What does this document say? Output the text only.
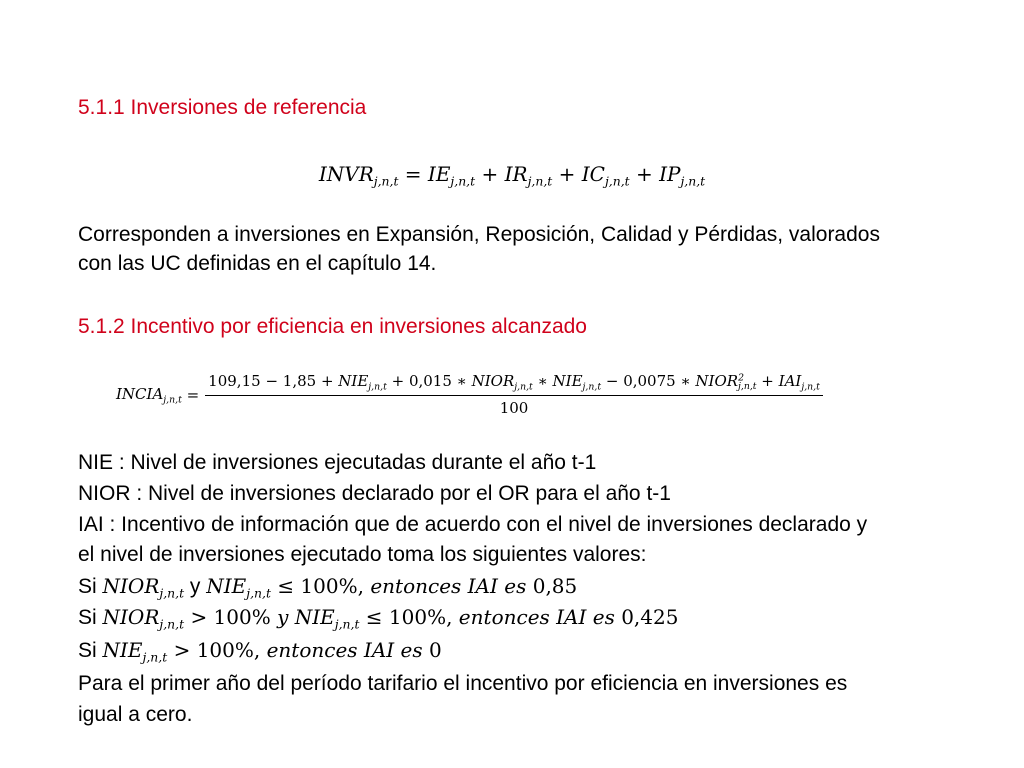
5.1.1 Inversiones de referencia
$INVR_{j,n,t} = IE_{j,n,t} + IR_{j,n,t} + IC_{j,n,t} + IP_{j,n,t}$
Corresponden a inversiones en Expansión, Reposición, Calidad y Pérdidas, valorados
con las UC definidas en el capítulo 14.
5.1.2 Incentivo por eficiencia en inversiones alcanzado
$INCIA_{j,n,t}$ =
$109,15 - 1,85 + NIE_{j,n,t} + 0,015$ ∗ $NIOR_{j,n,t}$ ∗ $NIE_{j,n,t} - 0,0075$ ∗ $NIOR^2_{j,n,t} + IAI_{j,n,t}$
100
NIE : Nivel de inversiones ejecutadas durante el año t-1
NIOR : Nivel de inversiones declarado por el OR para el año t-1
IAI : Incentivo de información que de acuerdo con el nivel de inversiones declarado y
el nivel de inversiones ejecutado toma los siguientes valores:
Si $NIOR_{j,n,t}$ y $NIE_{j,n,t} \le 100\%$, entonces IAI es 0,85
Si $NIOR_{j,n,t} > 100\%$ y $NIE_{j,n,t} \le 100\%$, entonces IAI es 0,425
Si $NIE_{j,n,t} > 100\%$, entonces IAI es 0
Para el primer año del período tarifario el incentivo por eficiencia en inversiones es
igual a cero.
